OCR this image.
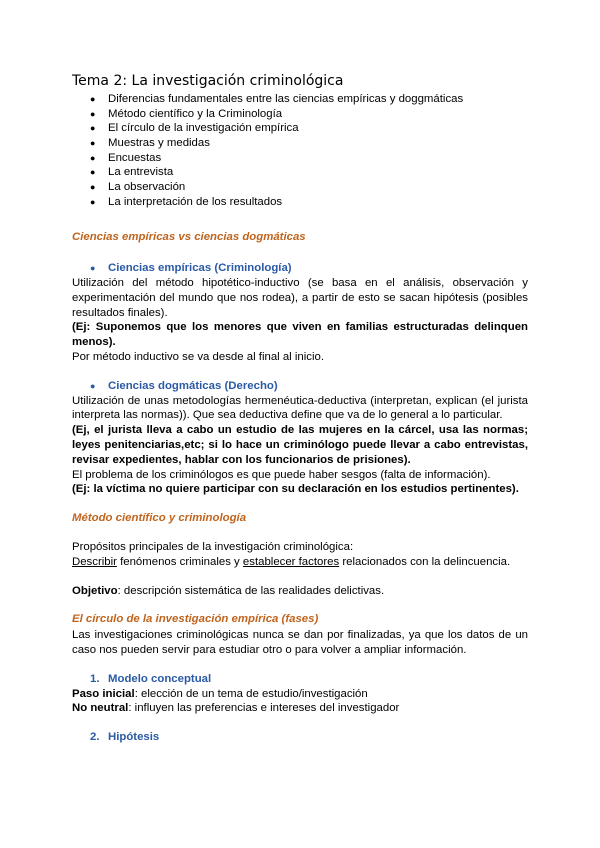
Tema 2: La investigación criminológica
● Diferencias fundamentales entre las ciencias empíricas y doggmáticas
● Método científico y la Criminología
● El círculo de la investigación empírica
● Muestras y medidas
● Encuestas
● La entrevista
● La observación
● La interpretación de los resultados

Ciencias empíricas vs ciencias dogmáticas

● Ciencias empíricas (Criminología)

Utilización del método hipotético-inductivo (se basa en el análisis, observación y experimentación del mundo que nos rodea), a partir de esto se sacan hipótesis (posibles resultados finales).

(Ej: Suponemos que los menores que viven en familias estructuradas delinquen menos).

Por método inductivo se va desde al final al inicio.

● Ciencias dogmáticas (Derecho)

Utilización de unas metodologías hermenéutica-deductiva (interpretan, explican (el jurista interpreta las normas)). Que sea deductiva define que va de lo general a lo particular.

(Ej, el jurista lleva a cabo un estudio de las mujeres en la cárcel, usa las normas; leyes penitenciarias,etc; si lo hace un criminólogo puede llevar a cabo entrevistas, revisar expedientes, hablar con los funcionarios de prisiones).

El problema de los criminólogos es que puede haber sesgos (falta de información).

(Ej: la víctima no quiere participar con su declaración en los estudios pertinentes).

Método científico y criminología

Propósitos principales de la investigación criminológica:

Describir fenómenos criminales y establecer factores relacionados con la delincuencia.

Objetivo: descripción sistemática de las realidades delictivas.

El círculo de la investigación empírica (fases)

Las investigaciones criminológicas nunca se dan por finalizadas, ya que los datos de un caso nos pueden servir para estudiar otro o para volver a ampliar información.

1. Modelo conceptual

Paso inicial: elección de un tema de estudio/investigación

No neutral: influyen las preferencias e intereses del investigador

2. Hipótesis
